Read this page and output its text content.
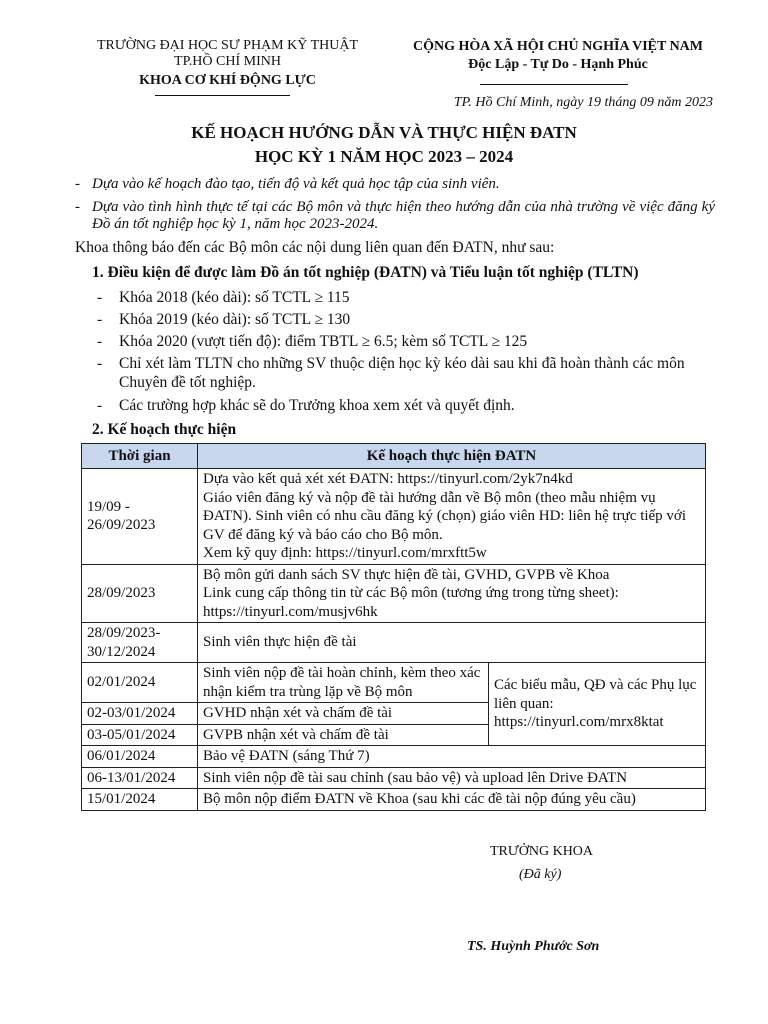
TRƯỜNG ĐẠI HỌC SƯ PHẠM KỸ THUẬT
TP.HỒ CHÍ MINH
KHOA CƠ KHÍ ĐỘNG LỰC
CỘNG HÒA XÃ HỘI CHỦ NGHĨA VIỆT NAM
Độc Lập - Tự Do - Hạnh Phúc
TP. Hồ Chí Minh, ngày 19 tháng 09 năm 2023
KẾ HOẠCH HƯỚNG DẪN VÀ THỰC HIỆN ĐATN
HỌC KỲ 1 NĂM HỌC 2023 – 2024
- Dựa vào kế hoạch đào tạo, tiến độ và kết quả học tập của sinh viên.
- Dựa vào tình hình thực tế tại các Bộ môn và thực hiện theo hướng dẫn của nhà trường về việc đăng ký Đồ án tốt nghiệp học kỳ 1, năm học 2023-2024.
Khoa thông báo đến các Bộ môn các nội dung liên quan đến ĐATN, như sau:
1. Điều kiện để được làm Đồ án tốt nghiệp (ĐATN) và Tiểu luận tốt nghiệp (TLTN)
- Khóa 2018 (kéo dài): số TCTL ≥ 115
- Khóa 2019 (kéo dài): số TCTL ≥ 130
- Khóa 2020 (vượt tiến độ): điểm TBTL ≥ 6.5; kèm số TCTL ≥ 125
- Chỉ xét làm TLTN cho những SV thuộc diện học kỳ kéo dài sau khi đã hoàn thành các môn Chuyên đề tốt nghiệp.
- Các trường hợp khác sẽ do Trưởng khoa xem xét và quyết định.
2. Kế hoạch thực hiện
Thời gian	Kế hoạch thực hiện ĐATN	
19/09 - 26/09/2023	Dựa vào kết quả xét xét ĐATN: https://tinyurl.com/2yk7n4kd
Giáo viên đăng ký và nộp đề tài hướng dẫn về Bộ môn (theo mẫu nhiệm vụ ĐATN). Sinh viên có nhu cầu đăng ký (chọn) giáo viên HD: liên hệ trực tiếp với GV để đăng ký và báo cáo cho Bộ môn.
Xem kỹ quy định: https://tinyurl.com/mrxftt5w	

28/09/2023	Bộ môn gửi danh sách SV thực hiện đề tài, GVHD, GVPB về Khoa
Link cung cấp thông tin từ các Bộ môn (tương ứng trong từng sheet): https://tinyurl.com/musjv6hk	

28/09/2023- 30/12/2024	Sinh viên thực hiện đề tài	
02/01/2024	Sinh viên nộp đề tài hoàn chỉnh, kèm theo xác nhận kiểm tra trùng lặp về Bộ môn	Các biểu mẫu, QĐ và các Phụ lục liên quan: https://tinyurl.com/mrx8ktat
02-03/01/2024	GVHD nhận xét và chấm đề tài	
03-05/01/2024	GVPB nhận xét và chấm đề tài	
06/01/2024	Bảo vệ ĐATN (sáng Thứ 7)	
06-13/01/2024	Sinh viên nộp đề tài sau chỉnh (sau bảo vệ) và upload lên Drive ĐATN	
15/01/2024	Bộ môn nộp điểm ĐATN về Khoa (sau khi các đề tài nộp đúng yêu cầu)	
TRƯỞNG KHOA
(Đã ký)
TS. Huỳnh Phước Sơn
